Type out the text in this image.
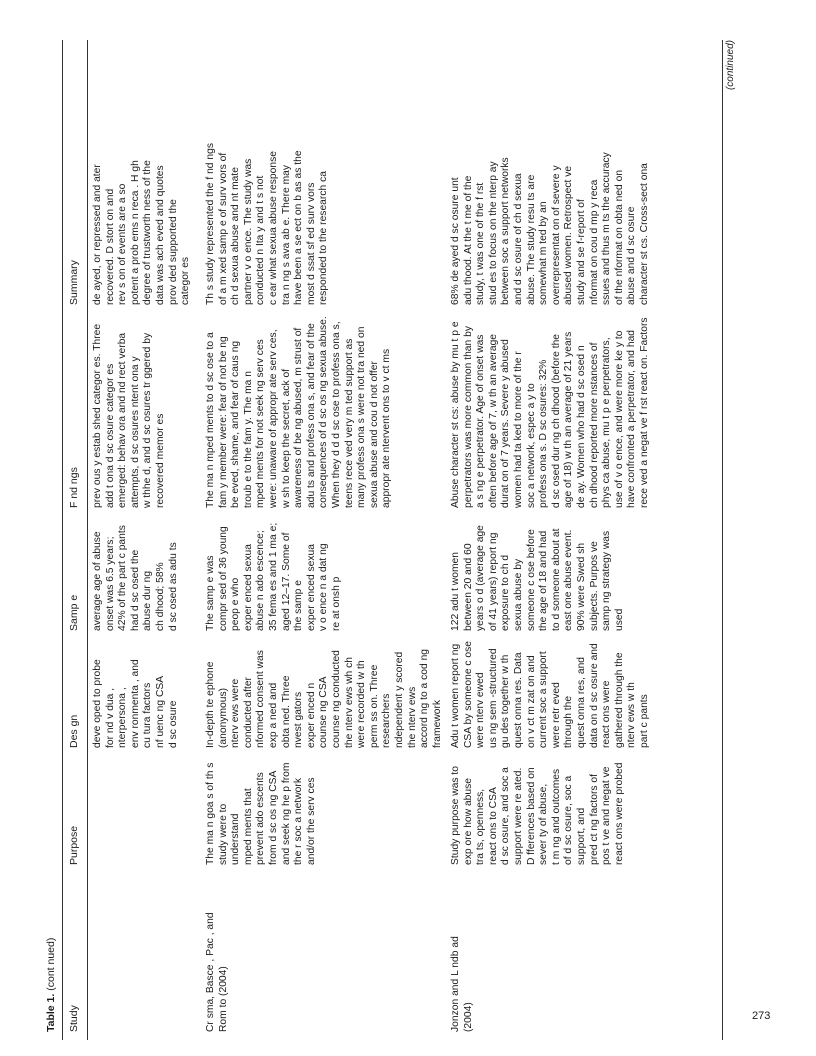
Table 1. (cont nued)
Study
Purpose
Des gn
Samp e
F nd ngs
Summary
deve oped to probe
for nd v dua ,
nterpersona ,
env ronmenta , and
cu tura factors
nf uenc ng CSA
d sc osure
average age of abuse
onset was 6.5 years;
42% of the part c pants
had d sc osed the
abuse dur ng
ch dhood; 58%
d sc osed as adu ts
prev ous y estab shed categor es. Three
add t ona d sc osure categor es
emerged: behav ora and nd rect verba
attempts, d sc osures ntent ona y
w thhe d, and d sc osures tr ggered by
recovered memor es
de ayed, or repressed and ater
recovered. D stort on and
rev s on of events are a so
potent a prob ems n reca . H gh
degree of trustworth ness of the
data was ach eved and quotes
prov ded supported the
categor es
Cr sma, Basce , Pac , and
Rom to (2004)
The ma n goa s of th s
study were to
understand
mped ments that
prevent ado escents
from d sc os ng CSA
and seek ng he p from
the r soc a network
and/or the serv ces
In-depth te ephone
(anonymous)
nterv ews were
conducted after
nformed consent was
exp a ned and
obta ned. Three
nvest gators
exper enced n
counse ng CSA
counse ng conducted
the nterv ews wh ch
were recorded w th
perm ss on. Three
researchers
ndependent y scored
the nterv ews
accord ng to a cod ng
framework
The samp e was
compr sed of 36 young
peop e who
exper enced sexua
abuse n ado escence;
35 fema es and 1 ma e;
aged 12–17. Some of
the samp e
exper enced sexua
v o ence n a dat ng
re at onsh p
The ma n mped ments to d sc ose to a
fam y member were: fear of not be ng
be eved, shame, and fear of caus ng
troub e to the fam y. The ma n
mped ments for not seek ng serv ces
were: unaware of appropr ate serv ces,
w sh to keep the secret, ack of
awareness of be ng abused, m strust of
adu ts and profess ona s, and fear of the
consequences of d sc os ng sexua abuse.
When they d d d sc ose to profess ona s,
teens rece ved very m ted support as
many profess ona s were not tra ned on
sexua abuse and cou d not offer
appropr ate ntervent ons to v ct ms
Th s study represented the f nd ngs
of a m xed samp e of surv vors of
ch d sexua abuse and nt mate
partner v o ence. The study was
conducted n Ita y and t s not
c ear what sexua abuse response
tra n ng s ava ab e. There may
have been a se ect on b as as the
most d ssat sf ed surv vors
responded to the research ca
Jonzon and L ndb ad
(2004)
Study purpose was to
exp ore how abuse
tra ts, openness,
react ons to CSA
d sc osure, and soc a
support were re ated.
D fferences based on
sever ty of abuse,
t m ng and outcomes
of d sc osure, soc a
support, and
pred ct ng factors of
pos t ve and negat ve
react ons were probed
Adu t women report ng
CSA by someone c ose
were nterv ewed
us ng sem -structured
gu des together w th
quest onna res. Data
on v ct m zat on and
current soc a support
were retr eved
through the
quest onna res, and
data on d sc osure and
react ons were
gathered through the
nterv ews w th
part c pants
122 adu t women
between 20 and 60
years o d (average age
of 41 years) report ng
exposure to ch d
sexua abuse by
someone c ose before
the age of 18 and had
to d someone about at
east one abuse event.
90% were Swed sh
subjects. Purpos ve
samp ng strategy was
used
Abuse character st cs: abuse by mu t p e
perpetrators was more common than by
a s ng e perpetrator. Age of onset was
often before age of 7, w th an average
durat on of 7 years. Severe y abused
women had ta ked to more of the r
soc a network, espec a y to
profess ona s. D sc osures: 32%
d sc osed dur ng ch dhood (before the
age of 18) w th an average of 21 years
de ay. Women who had d sc osed n
ch dhood reported more nstances of
phys ca abuse, mu t p e perpetrators,
use of v o ence, and were more ke y to
have confronted a perpetrator, and had
rece ved a negat ve f rst react on. Factors
68% de ayed d sc osure unt
adu thood. At the t me of the
study, t was one of the f rst
stud es to focus on the nterp ay
between soc a support networks
and d sc osure of ch d sexua
abuse. The study resu ts are
somewhat m ted by an
overrepresentat on of severe y
abused women. Retrospect ve
study and se f-report of
nformat on cou d mp y reca
ssues and thus m ts the accuracy
of the nformat on obta ned on
abuse and d sc osure
character st cs. Cross-sect ona
(continued)
273
